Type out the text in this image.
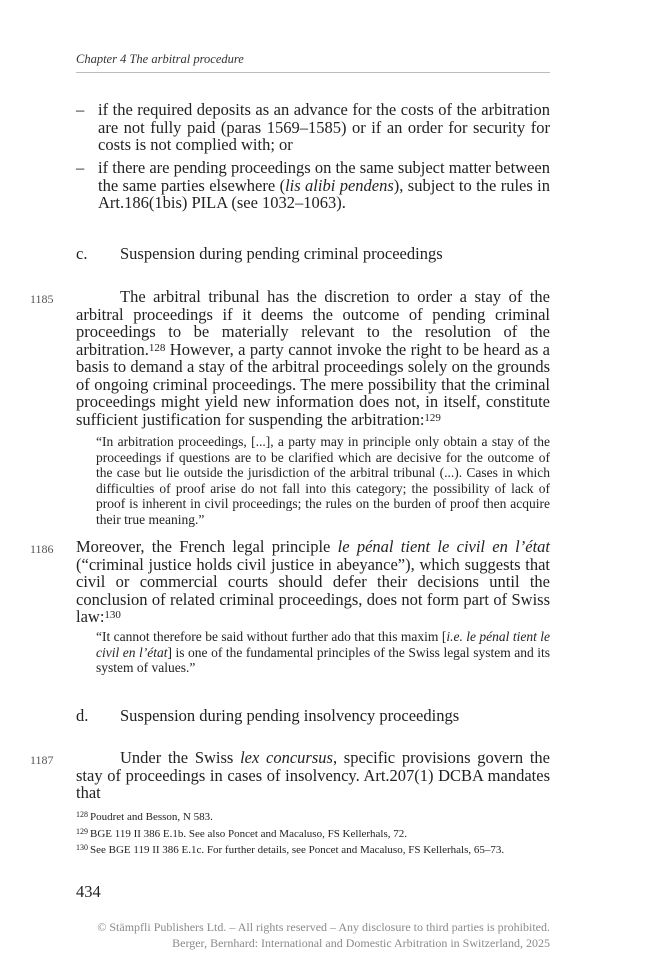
Chapter 4 The arbitral procedure
– if the required deposits as an advance for the costs of the arbitration are not fully paid (paras 1569–1585) or if an order for security for costs is not complied with; or
– if there are pending proceedings on the same subject matter between the same parties elsewhere (lis alibi pendens), subject to the rules in Art.186(1bis) PILA (see 1032–1063).
c. Suspension during pending criminal proceedings
1185	The arbitral tribunal has the discretion to order a stay of the arbitral proceedings if it deems the outcome of pending criminal proceedings to be materially relevant to the resolution of the arbitration.$^{128}$ However, a party cannot invoke the right to be heard as a basis to demand a stay of the arbitral proceedings solely on the grounds of ongoing criminal proceedings. The mere possibility that the criminal proceedings might yield new information does not, in itself, constitute sufficient justification for suspending the arbitration:$^{129}$
“In arbitration proceedings, [...], a party may in principle only obtain a stay of the proceedings if questions are to be clarified which are decisive for the outcome of the case but lie outside the jurisdiction of the arbitral tribunal (...). Cases in which difficulties of proof arise do not fall into this category; the possibility of lack of proof is inherent in civil proceedings; the rules on the burden of proof then acquire their true meaning.”
1186 Moreover, the French legal principle le pénal tient le civil en l’état (“criminal justice holds civil justice in abeyance”), which suggests that civil or commercial courts should defer their decisions until the conclusion of related criminal proceedings, does not form part of Swiss law:$^{130}$
“It cannot therefore be said without further ado that this maxim [i.e. le pénal tient le civil en l’état] is one of the fundamental principles of the Swiss legal system and its system of values.”
d. Suspension during pending insolvency proceedings
1187	Under the Swiss lex concursus, specific provisions govern the stay of proceedings in cases of insolvency. Art.207(1) DCBA mandates that
$^{128}$ Poudret and Besson, N 583.
$^{129}$ BGE 119 II 386 E.1b. See also Poncet and Macaluso, FS Kellerhals, 72.
$^{130}$ See BGE 119 II 386 E.1c. For further details, see Poncet and Macaluso, FS Kellerhals, 65–73.
434
© Stämpfli Publishers Ltd. – All rights reserved – Any disclosure to third parties is prohibited.
Berger, Bernhard: International and Domestic Arbitration in Switzerland, 2025
